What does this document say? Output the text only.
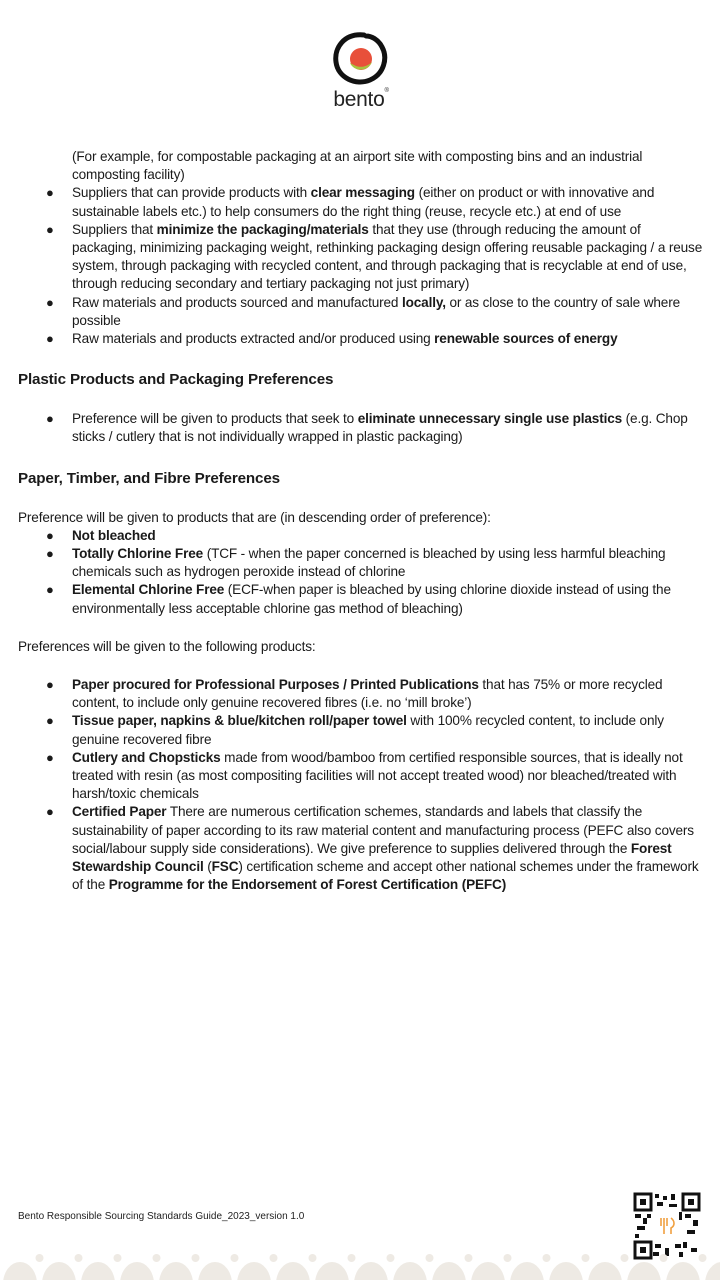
bento®

(For example, for compostable packaging at an airport site with composting bins and an industrial composting facility)

● Suppliers that can provide products with clear messaging (either on product or with innovative and sustainable labels etc.) to help consumers do the right thing (reuse, recycle etc.) at end of use
● Suppliers that minimize the packaging/materials that they use (through reducing the amount of packaging, minimizing packaging weight, rethinking packaging design offering reusable packaging / a reuse system, through packaging with recycled content, and through packaging that is recyclable at end of use, through reducing secondary and tertiary packaging not just primary)
● Raw materials and products sourced and manufactured locally, or as close to the country of sale where possible
● Raw materials and products extracted and/or produced using renewable sources of energy
Plastic Products and Packaging Preferences
● Preference will be given to products that seek to eliminate unnecessary single use plastics (e.g. Chop sticks / cutlery that is not individually wrapped in plastic packaging)
Paper, Timber, and Fibre Preferences

Preference will be given to products that are (in descending order of preference):

● Not bleached
● Totally Chlorine Free (TCF - when the paper concerned is bleached by using less harmful bleaching chemicals such as hydrogen peroxide instead of chlorine
● Elemental Chlorine Free (ECF-when paper is bleached by using chlorine dioxide instead of using the environmentally less acceptable chlorine gas method of bleaching)

Preferences will be given to the following products:

● Paper procured for Professional Purposes / Printed Publications that has 75% or more recycled content, to include only genuine recovered fibres (i.e. no ‘mill broke’)
● Tissue paper, napkins & blue/kitchen roll/paper towel with 100% recycled content, to include only genuine recovered fibre
● Cutlery and Chopsticks made from wood/bamboo from certified responsible sources, that is ideally not treated with resin (as most compositing facilities will not accept treated wood) nor bleached/treated with harsh/toxic chemicals
● Certified Paper There are numerous certification schemes, standards and labels that classify the sustainability of paper according to its raw material content and manufacturing process (PEFC also covers social/labour supply side considerations). We give preference to supplies delivered through the Forest Stewardship Council (FSC) certification scheme and accept other national schemes under the framework of the Programme for the Endorsement of Forest Certification (PEFC)
Bento Responsible Sourcing Standards Guide_2023_version 1.0
